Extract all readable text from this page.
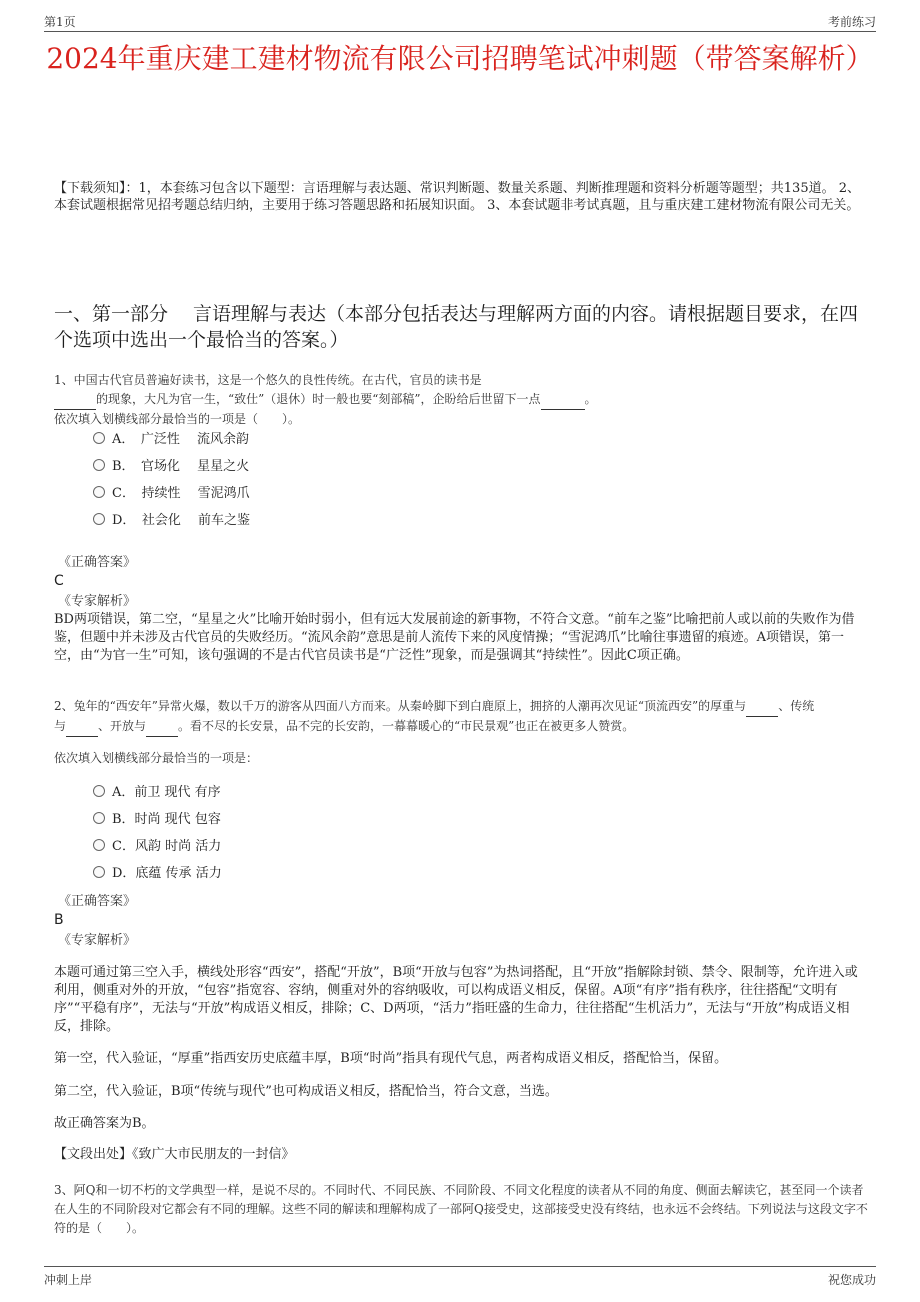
第1页	考前练习
2024年重庆建工建材物流有限公司招聘笔试冲刺题（带答案解析）
【下载须知】：1，本套练习包含以下题型：言语理解与表达题、常识判断题、数量关系题、判断推理题和资料分析题等题型；共135道。 2、本套试题根据常见招考题总结归纳，主要用于练习答题思路和拓展知识面。 3、本套试题非考试真题，且与重庆建工建材物流有限公司无关。
一、第一部分　 言语理解与表达（本部分包括表达与理解两方面的内容。请根据题目要求，在四个选项中选出一个最恰当的答案。）
1、中国古代官员普遍好读书，这是一个悠久的良性传统。在古代，官员的读书是
的现象，大凡为官一生，“致仕”（退休）时一般也要“刻部稿”，企盼给后世留下一点	。
依次填入划横线部分最恰当的一项是（　　）。
A．　广泛性　 流风余韵
B．　官场化　 星星之火
C．　持续性　 雪泥鸿爪
D．　社会化　 前车之鉴
《正确答案》
C
《专家解析》
BD两项错误，第二空，“星星之火”比喻开始时弱小，但有远大发展前途的新事物，不符合文意。“前车之鉴”比喻把前人或以前的失败作为借鉴，但题中并未涉及古代官员的失败经历。“流风余韵”意思是前人流传下来的风度情操；“雪泥鸿爪”比喻往事遗留的痕迹。A项错误，第一空，由“为官一生”可知，该句强调的不是古代官员读书是“广泛性”现象，而是强调其“持续性”。因此C项正确。
2、兔年的“西安年”异常火爆，数以千万的游客从四面八方而来。从秦岭脚下到白鹿原上，拥挤的人潮再次见证“顶流西安”的厚重与	、传统
与	、开放与	。看不尽的长安景，品不完的长安韵，一幕幕暖心的“市民景观”也正在被更多人赞赏。
依次填入划横线部分最恰当的一项是：
A．前卫 现代 有序
B．时尚 现代 包容
C．风韵 时尚 活力
D．底蕴 传承 活力
《正确答案》
B
《专家解析》
本题可通过第三空入手，横线处形容“西安”，搭配“开放”，B项“开放与包容”为热词搭配，且“开放”指解除封锁、禁令、限制等，允许进入或利用，侧重对外的开放，“包容”指宽容、容纳，侧重对外的容纳吸收，可以构成语义相反，保留。A项“有序”指有秩序，往往搭配“文明有序”“平稳有序”，无法与“开放”构成语义相反，排除；C、D两项，“活力”指旺盛的生命力，往往搭配“生机活力”，无法与“开放”构成语义相反，排除。
第一空，代入验证，“厚重”指西安历史底蕴丰厚，B项“时尚”指具有现代气息，两者构成语义相反，搭配恰当，保留。
第二空，代入验证，B项“传统与现代”也可构成语义相反，搭配恰当，符合文意，当选。
故正确答案为B。
【文段出处】《致广大市民朋友的一封信》
3、阿Q和一切不朽的文学典型一样，是说不尽的。不同时代、不同民族、不同阶段、不同文化程度的读者从不同的角度、侧面去解读它，甚至同一个读者在人生的不同阶段对它都会有不同的理解。这些不同的解读和理解构成了一部阿Q接受史，这部接受史没有终结，也永远不会终结。下列说法与这段文字不符的是（　　）。
冲刺上岸	祝您成功
